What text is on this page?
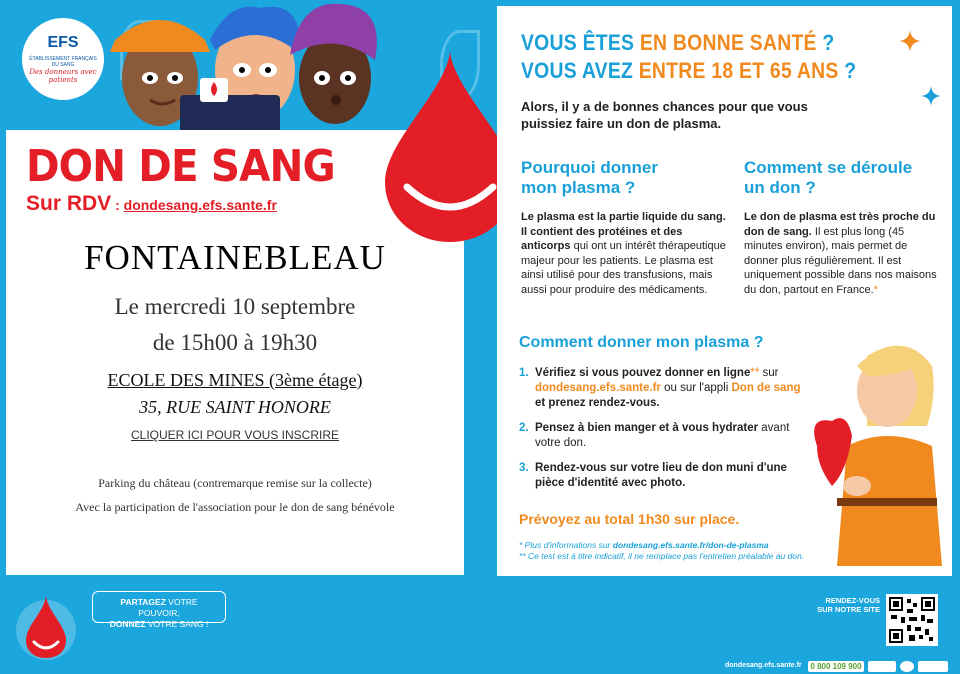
EFS
ÉTABLISSEMENT FRANÇAIS DU SANG
Des donneurs avec patients
DON DE SANG
Sur RDV : dondesang.efs.sante.fr
FONTAINEBLEAU
Le mercredi 10 septembre
de 15h00 à 19h30
ECOLE DES MINES (3ème étage)
35, RUE SAINT HONORE
CLIQUER ICI POUR VOUS INSCRIRE
Parking du château (contremarque remise sur la collecte)
Avec la participation de l'association pour le don de sang bénévole
VOUS ÊTES EN BONNE SANTÉ ?
VOUS AVEZ ENTRE 18 ET 65 ANS ?
Alors, il y a de bonnes chances pour que vous puissiez faire un don de plasma.
Pourquoi donner mon plasma ?
Le plasma est la partie liquide du sang. Il contient des protéines et des anticorps qui ont un intérêt thérapeutique majeur pour les patients. Le plasma est ainsi utilisé pour des transfusions, mais aussi pour produire des médicaments.
Comment se déroule un don ?
Le don de plasma est très proche du don de sang. Il est plus long (45 minutes environ), mais permet de donner plus régulièrement. Il est uniquement possible dans nos maisons du don, partout en France.*
Comment donner mon plasma ?
1. Vérifiez si vous pouvez donner en ligne** sur dondesang.efs.sante.fr ou sur l'appli Don de sang et prenez rendez-vous.
2. Pensez à bien manger et à vous hydrater avant votre don.
3. Rendez-vous sur votre lieu de don muni d'une pièce d'identité avec photo.
Prévoyez au total 1h30 sur place.
* Plus d'informations sur dondesang.efs.sante.fr/don-de-plasma
** Ce test est à titre indicatif, il ne remplace pas l'entretien préalable au don.
PARTAGEZ VOTRE POUVOIR,
DONNEZ VOTRE SANG !
RENDEZ-VOUS SUR NOTRE SITE
dondesang.efs.sante.fr	0 800 109 900
